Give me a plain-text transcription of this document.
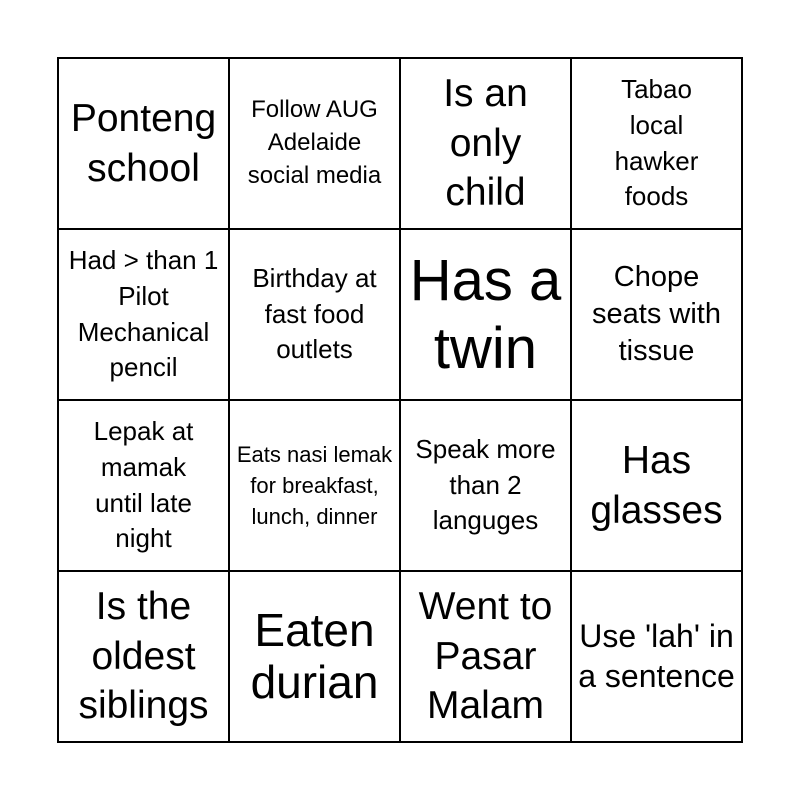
Ponteng school
Follow AUG Adelaide social media
Is an only child
Tabao local hawker foods
Had > than 1 Pilot Mechanical pencil
Birthday at fast food outlets
Has a twin
Chope seats with tissue
Lepak at mamak until late night
Eats nasi lemak for breakfast, lunch, dinner
Speak more than 2 languges
Has glasses
Is the oldest siblings
Eaten durian
Went to Pasar Malam
Use 'lah' in a sentence
